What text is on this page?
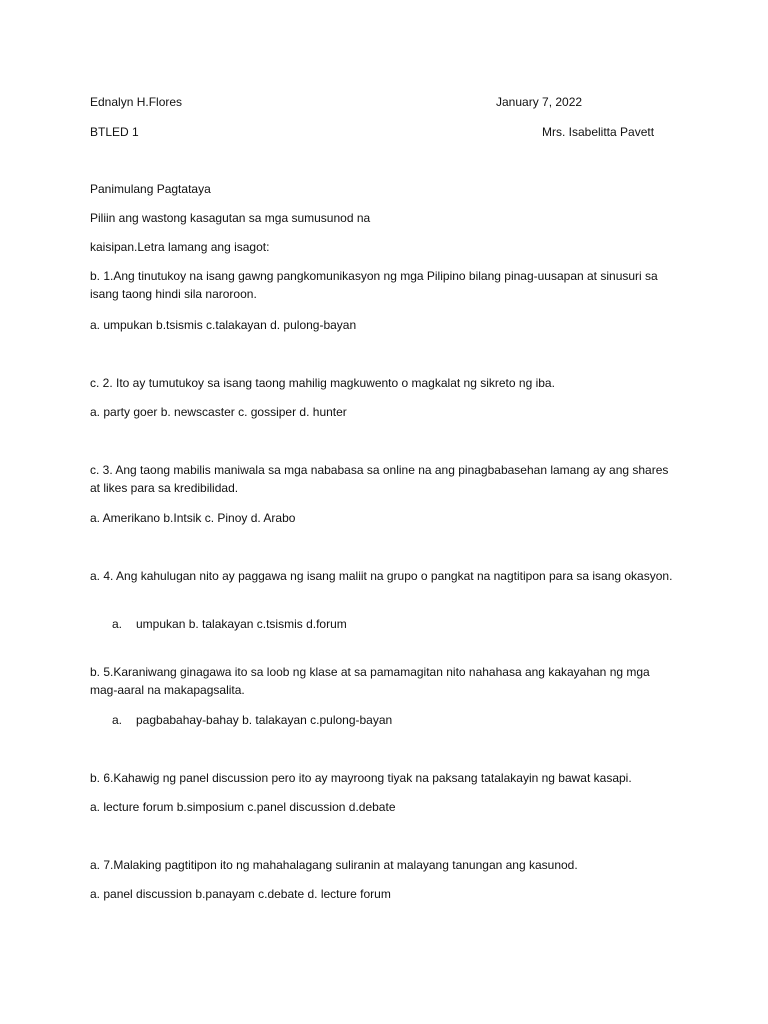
Ednalyn H.Flores	January 7, 2022
BTLED 1	Mrs. Isabelitta Pavett
Panimulang Pagtataya
Piliin ang wastong kasagutan sa mga sumusunod na
kaisipan.Letra lamang ang isagot:
b. 1.Ang tinutukoy na isang gawng pangkomunikasyon ng mga Pilipino bilang pinag-uusapan at sinusuri sa isang taong hindi sila naroroon.
a. umpukan b.tsismis c.talakayan d. pulong-bayan
c. 2. Ito ay tumutukoy sa isang taong mahilig magkuwento o magkalat ng sikreto ng iba.
a. party goer b. newscaster c. gossiper d. hunter
c. 3. Ang taong mabilis maniwala sa mga nababasa sa online na ang pinagbabasehan lamang ay ang shares at likes para sa kredibilidad.
a. Amerikano b.Intsik c. Pinoy d. Arabo
a. 4. Ang kahulugan nito ay paggawa ng isang maliit na grupo o pangkat na nagtitipon para sa isang okasyon.
a. umpukan b. talakayan c.tsismis d.forum
b. 5.Karaniwang ginagawa ito sa loob ng klase at sa pamamagitan nito nahahasa ang kakayahan ng mga mag-aaral na makapagsalita.
a. pagbabahay-bahay b. talakayan c.pulong-bayan
b. 6.Kahawig ng panel discussion pero ito ay mayroong tiyak na paksang tatalakayin ng bawat kasapi.
a. lecture forum b.simposium c.panel discussion d.debate
a. 7.Malaking pagtitipon ito ng mahahalagang suliranin at malayang tanungan ang kasunod.
a. panel discussion b.panayam c.debate d. lecture forum
